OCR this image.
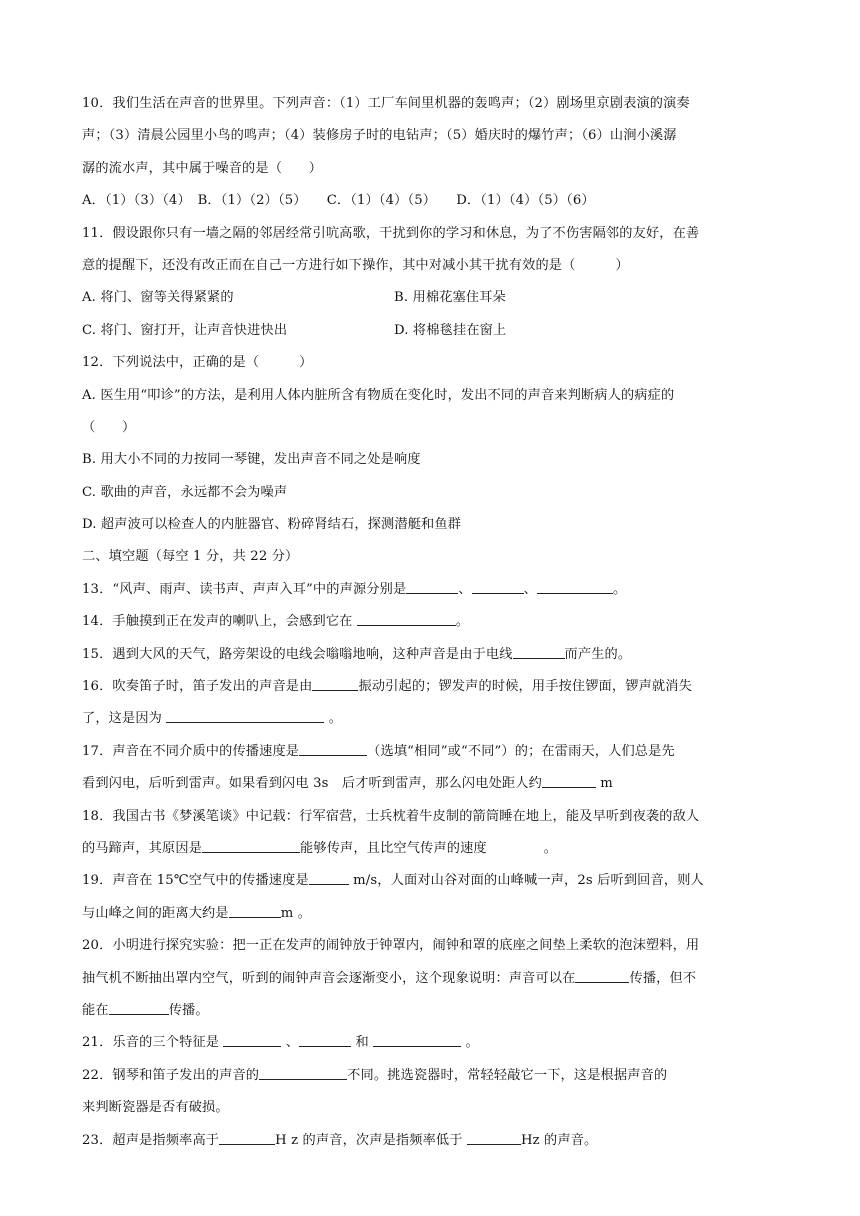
10．我们生活在声音的世界里。下列声音：（1）工厂车间里机器的轰鸣声；（2）剧场里京剧表演的演奏
声；（3）清晨公园里小鸟的鸣声；（4）装修房子时的电钻声；（5）婚庆时的爆竹声；（6）山涧小溪潺
潺的流水声，其中属于噪音的是（　　）
A．（1）（3）（4）　B．（1）（2）（5）　　C．（1）（4）（5）　　D．（1）（4）（5）（6）
11．假设跟你只有一墙之隔的邻居经常引吭高歌，干扰到你的学习和休息，为了不伤害隔邻的友好，在善
意的提醒下，还没有改正而在自己一方进行如下操作，其中对减小其干扰有效的是（　　　）
A. 将门、窗等关得紧紧的	B. 用棉花塞住耳朵
C. 将门、窗打开，让声音快进快出	D. 将棉毯挂在窗上
12．下列说法中，正确的是（　　　）
A. 医生用“叩诊”的方法，是利用人体内脏所含有物质在变化时，发出不同的声音来判断病人的病症的
（　　）
B. 用大小不同的力按同一琴键，发出声音不同之处是响度
C. 歌曲的声音，永远都不会为噪声
D. 超声波可以检查人的内脏器官、粉碎肾结石，探测潜艇和鱼群
二、填空题（每空 1 分，共 22 分）
13．“风声、雨声、读书声、声声入耳”中的声源分别是	、	、	。
14．手触摸到正在发声的喇叭上，会感到它在	。
15．遇到大风的天气，路旁架设的电线会嗡嗡地响，这种声音是由于电线	而产生的。
16．吹奏笛子时，笛子发出的声音是由	振动引起的；锣发声的时候，用手按住锣面，锣声就消失
了，这是因为	。
17．声音在不同介质中的传播速度是	（选填“相同”或“不同”）的；在雷雨天，人们总是先
看到闪电，后听到雷声。如果看到闪电 3s　后才听到雷声，那么闪电处距人约	m
18．我国古书《梦溪笔谈》中记载：行军宿营，士兵枕着牛皮制的箭筒睡在地上，能及早听到夜袭的敌人
的马蹄声，其原因是	能够传声，且比空气传声的速度	。
19．声音在 15℃空气中的传播速度是	m/s，人面对山谷对面的山峰喊一声，2s 后听到回音，则人
与山峰之间的距离大约是	m 。
20．小明进行探究实验：把一正在发声的闹钟放于钟罩内，闹钟和罩的底座之间垫上柔软的泡沫塑料，用
抽气机不断抽出罩内空气，听到的闹钟声音会逐渐变小，这个现象说明：声音可以在	传播，但不
能在	传播。
21．乐音的三个特征是	、	和	。
22．钢琴和笛子发出的声音的	不同。挑选瓷器时，常轻轻敲它一下，这是根据声音的
来判断瓷器是否有破损。
23．超声是指频率高于	H z 的声音，次声是指频率低于	Hz 的声音。
